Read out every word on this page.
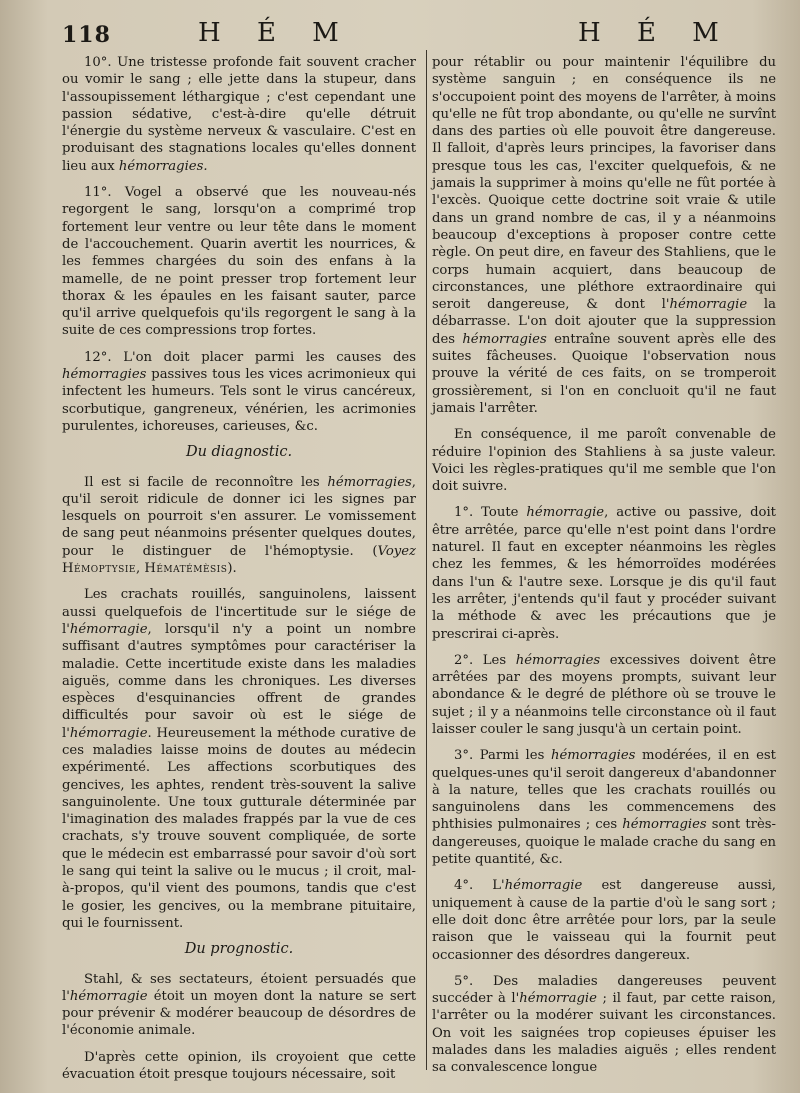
118	H É M	H É M

10°. Une tristesse profonde fait souvent cracher ou vomir le sang ; elle jette dans la stupeur, dans l'assoupissement léthargique ; c'est cependant une passion sédative, c'est-à-dire qu'elle détruit l'énergie du système nerveux & vasculaire. C'est en produisant des stagnations locales qu'elles donnent lieu aux hémorragies.

11°. Vogel a observé que les nouveau-nés regorgent le sang, lorsqu'on a comprimé trop fortement leur ventre ou leur tête dans le moment de l'accouchement. Quarin avertit les nourrices, & les femmes chargées du soin des enfans à la mamelle, de ne point presser trop fortement leur thorax & les épaules en les faisant sauter, parce qu'il arrive quelquefois qu'ils regorgent le sang à la suite de ces compressions trop fortes.

12°. L'on doit placer parmi les causes des hémorragies passives tous les vices acrimonieux qui infectent les humeurs. Tels sont le virus cancéreux, scorbutique, gangreneux, vénérien, les acrimonies purulentes, ichoreuses, carieuses, &c.

Du diagnostic.

Il est si facile de reconnoître les hémorragies, qu'il seroit ridicule de donner ici les signes par lesquels on pourroit s'en assurer. Le vomissement de sang peut néanmoins présenter quelques doutes, pour le distinguer de l'hémoptysie. (Voyez Hémoptysie, Hématémèsis).

Les crachats rouillés, sanguinolens, laissent aussi quelquefois de l'incertitude sur le siége de l'hémorragie, lorsqu'il n'y a point un nombre suffisant d'autres symptômes pour caractériser la maladie. Cette incertitude existe dans les maladies aiguës, comme dans les chroniques. Les diverses espèces d'esquinancies offrent de grandes difficultés pour savoir où est le siége de l'hémorragie. Heureusement la méthode curative de ces maladies laisse moins de doutes au médecin expérimenté. Les affections scorbutiques des gencives, les aphtes, rendent très-souvent la salive sanguinolente. Une toux gutturale déterminée par l'imagination des malades frappés par la vue de ces crachats, s'y trouve souvent compliquée, de sorte que le médecin est embarrassé pour savoir d'où sort le sang qui teint la salive ou le mucus ; il croit, mal-à-propos, qu'il vient des poumons, tandis que c'est le gosier, les gencives, ou la membrane pituitaire, qui le fournissent.

Du prognostic.

Stahl, & ses sectateurs, étoient persuadés que l'hémorragie étoit un moyen dont la nature se sert pour prévenir & modérer beaucoup de désordres de l'économie animale.

D'après cette opinion, ils croyoient que cette évacuation étoit presque toujours nécessaire, soit

pour rétablir ou pour maintenir l'équilibre du système sanguin ; en conséquence ils ne s'occupoient point des moyens de l'arrêter, à moins qu'elle ne fût trop abondante, ou qu'elle ne survînt dans des parties où elle pouvoit être dangereuse. Il falloit, d'après leurs principes, la favoriser dans presque tous les cas, l'exciter quelquefois, & ne jamais la supprimer à moins qu'elle ne fût portée à l'excès. Quoique cette doctrine soit vraie & utile dans un grand nombre de cas, il y a néanmoins beaucoup d'exceptions à proposer contre cette règle. On peut dire, en faveur des Stahliens, que le corps humain acquiert, dans beaucoup de circonstances, une pléthore extraordinaire qui seroit dangereuse, & dont l'hémorragie la débarrasse. L'on doit ajouter que la suppression des hémorragies entraîne souvent après elle des suites fâcheuses. Quoique l'observation nous prouve la vérité de ces faits, on se tromperoit grossièrement, si l'on en concluoit qu'il ne faut jamais l'arrêter.

En conséquence, il me paroît convenable de réduire l'opinion des Stahliens à sa juste valeur. Voici les règles-pratiques qu'il me semble que l'on doit suivre.

1°. Toute hémorragie, active ou passive, doit être arrêtée, parce qu'elle n'est point dans l'ordre naturel. Il faut en excepter néanmoins les règles chez les femmes, & les hémorroïdes modérées dans l'un & l'autre sexe. Lorsque je dis qu'il faut les arrêter, j'entends qu'il faut y procéder suivant la méthode & avec les précautions que je prescrirai ci-après.

2°. Les hémorragies excessives doivent être arrêtées par des moyens prompts, suivant leur abondance & le degré de pléthore où se trouve le sujet ; il y a néanmoins telle circonstance où il faut laisser couler le sang jusqu'à un certain point.

3°. Parmi les hémorragies modérées, il en est quelques-unes qu'il seroit dangereux d'abandonner à la nature, telles que les crachats rouillés ou sanguinolens dans les commencemens des phthisies pulmonaires ; ces hémorragies sont très-dangereuses, quoique le malade crache du sang en petite quantité, &c.

4°. L'hémorragie est dangereuse aussi, uniquement à cause de la partie d'où le sang sort ; elle doit donc être arrêtée pour lors, par la seule raison que le vaisseau qui la fournit peut occasionner des désordres dangereux.

5°. Des maladies dangereuses peuvent succéder à l'hémorragie ; il faut, par cette raison, l'arrêter ou la modérer suivant les circonstances. On voit les saignées trop copieuses épuiser les malades dans les maladies aiguës ; elles rendent sa convalescence longue
